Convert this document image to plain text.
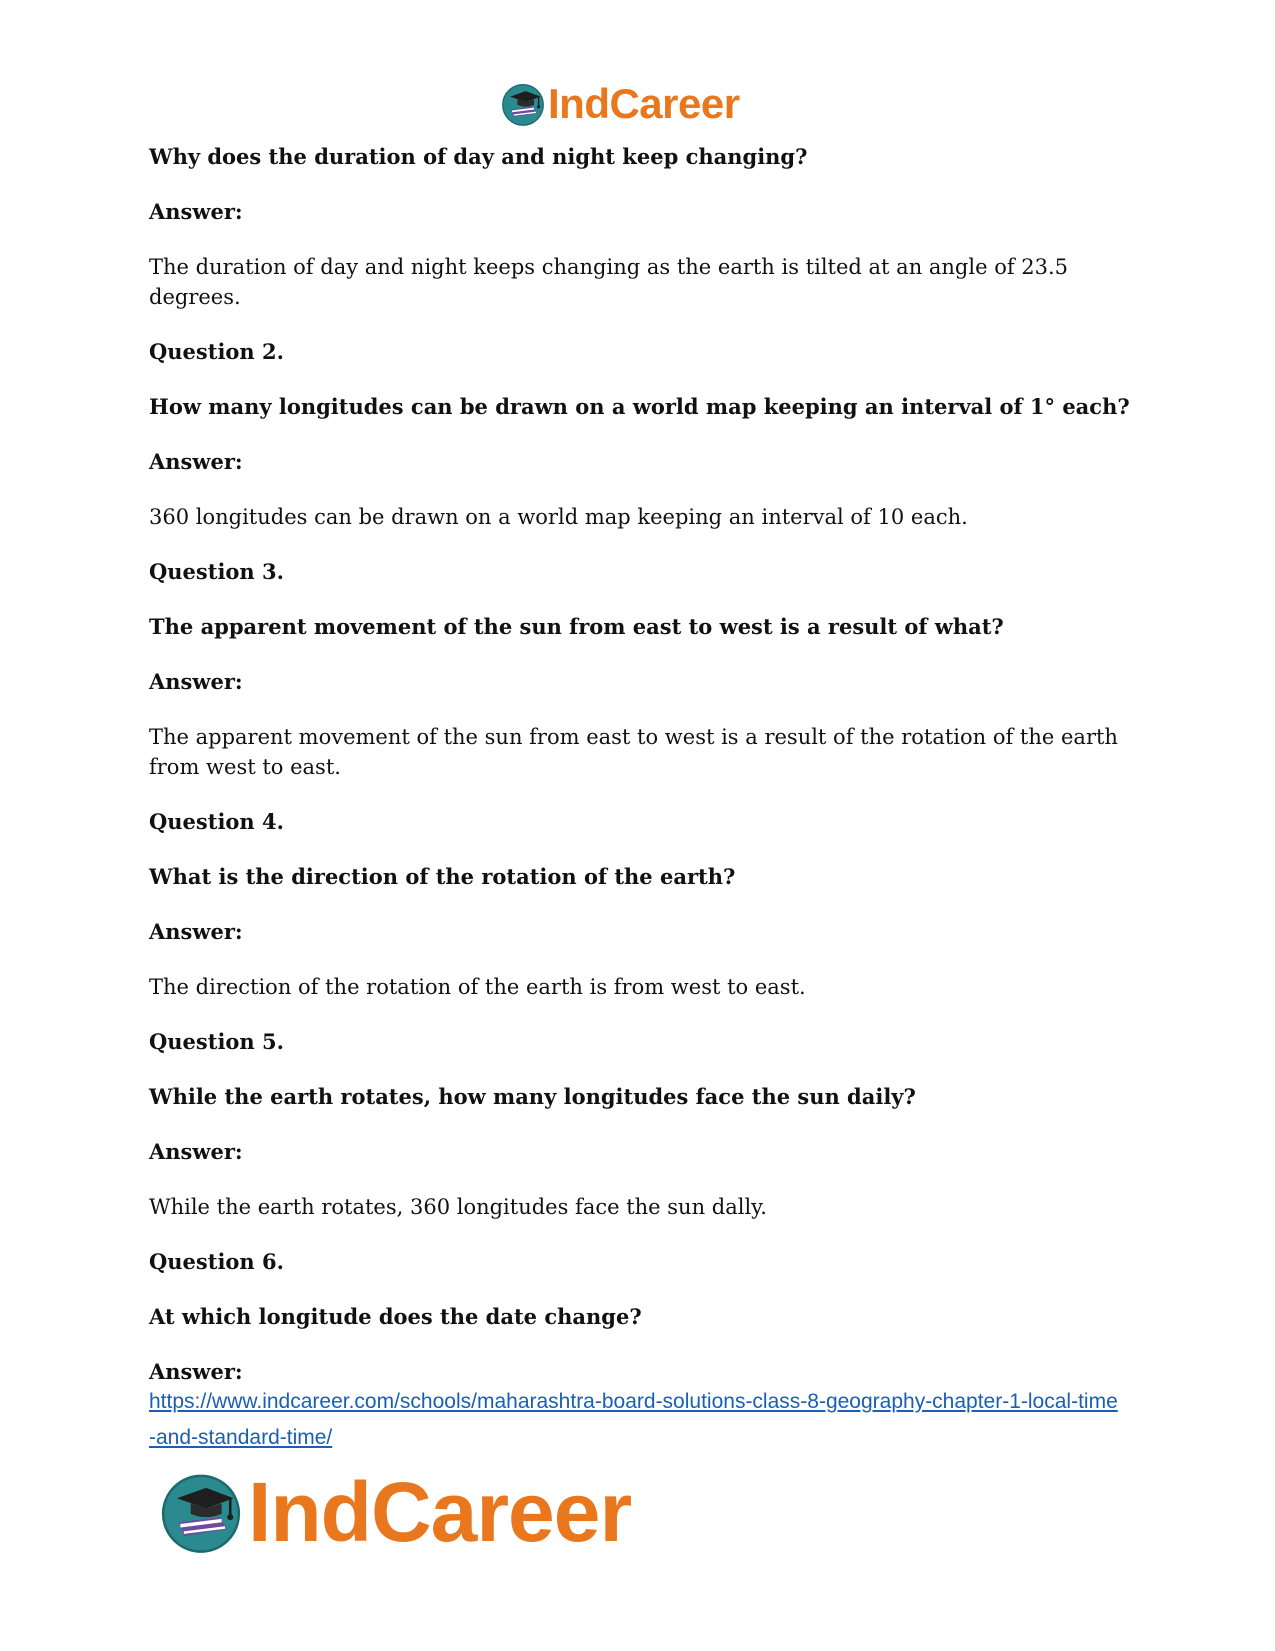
IndCareer

Why does the duration of day and night keep changing?

Answer:

The duration of day and night keeps changing as the earth is tilted at an angle of 23.5 degrees.

Question 2.

How many longitudes can be drawn on a world map keeping an interval of 1° each?

Answer:

360 longitudes can be drawn on a world map keeping an interval of 10 each.

Question 3.

The apparent movement of the sun from east to west is a result of what?

Answer:

The apparent movement of the sun from east to west is a result of the rotation of the earth from west to east.

Question 4.

What is the direction of the rotation of the earth?

Answer:

The direction of the rotation of the earth is from west to east.

Question 5.

While the earth rotates, how many longitudes face the sun daily?

Answer:

While the earth rotates, 360 longitudes face the sun dally.

Question 6.

At which longitude does the date change?

Answer:

https://www.indcareer.com/schools/maharashtra-board-solutions-class-8-geography-chapter-1-local-time-and-standard-time/
IndCareer
